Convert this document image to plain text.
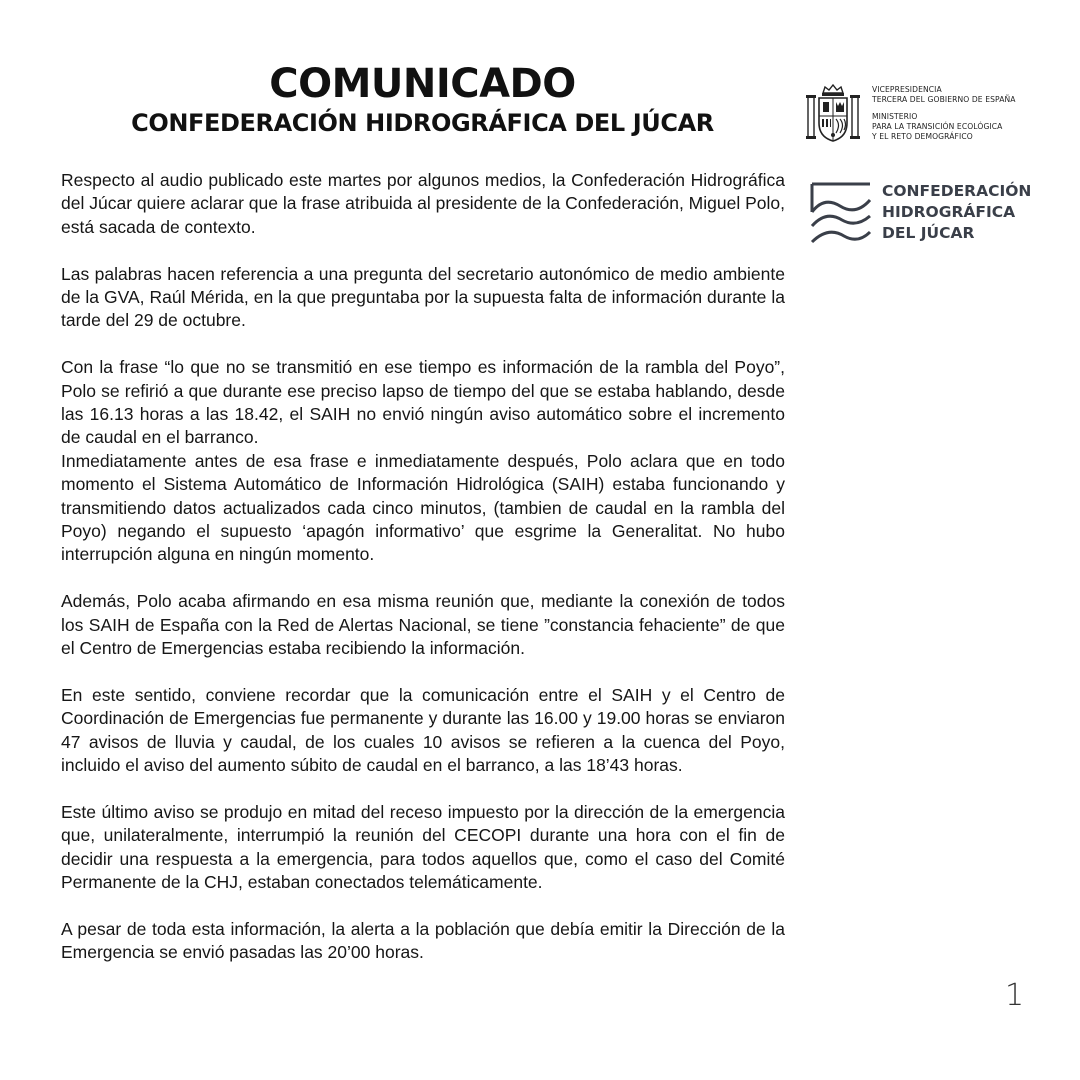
COMUNICADO
CONFEDERACIÓN HIDROGRÁFICA DEL JÚCAR
VICEPRESIDENCIA
TERCERA DEL GOBIERNO DE ESPAÑA
MINISTERIO
PARA LA TRANSICIÓN ECOLÓGICA
Y EL RETO DEMOGRÁFICO
CONFEDERACIÓN
HIDROGRÁFICA
DEL JÚCAR

Respecto al audio publicado este martes por algunos medios, la Confederación Hidrográfica del Júcar quiere aclarar que la frase atribuida al presidente de la Confederación, Miguel Polo, está sacada de contexto.

Las palabras hacen referencia a una pregunta del secretario autonómico de medio ambiente de la GVA, Raúl Mérida, en la que preguntaba por la supuesta falta de información durante la tarde del 29 de octubre.

Con la frase “lo que no se transmitió en ese tiempo es información de la rambla del Poyo”, Polo se refirió a que durante ese preciso lapso de tiempo del que se estaba hablando, desde las 16.13 horas a las 18.42, el SAIH no envió ningún aviso automático sobre el incremento de caudal en el barranco.

Inmediatamente antes de esa frase e inmediatamente después, Polo aclara que en todo momento el Sistema Automático de Información Hidrológica (SAIH) estaba funcionando y transmitiendo datos actualizados cada cinco minutos, (tambien de caudal en la rambla del Poyo) negando el supuesto ‘apagón informativo’ que esgrime la Generalitat. No hubo interrupción alguna en ningún momento.

Además, Polo acaba afirmando en esa misma reunión que, mediante la conexión de todos los SAIH de España con la Red de Alertas Nacional, se tiene ”constancia fehaciente” de que el Centro de Emergencias estaba recibiendo la información.

En este sentido, conviene recordar que la comunicación entre el SAIH y el Centro de Coordinación de Emergencias fue permanente y durante las 16.00 y 19.00 horas se enviaron 47 avisos de lluvia y caudal, de los cuales 10 avisos se refieren a la cuenca del Poyo, incluido el aviso del aumento súbito de caudal en el barranco, a las 18’43 horas.

Este último aviso se produjo en mitad del receso impuesto por la dirección de la emergencia que, unilateralmente, interrumpió la reunión del CECOPI durante una hora con el fin de decidir una respuesta a la emergencia, para todos aquellos que, como el caso del Comité Permanente de la CHJ, estaban conectados telemáticamente.

A pesar de toda esta información, la alerta a la población que debía emitir la Dirección de la Emergencia se envió pasadas las 20’00 horas.

1
